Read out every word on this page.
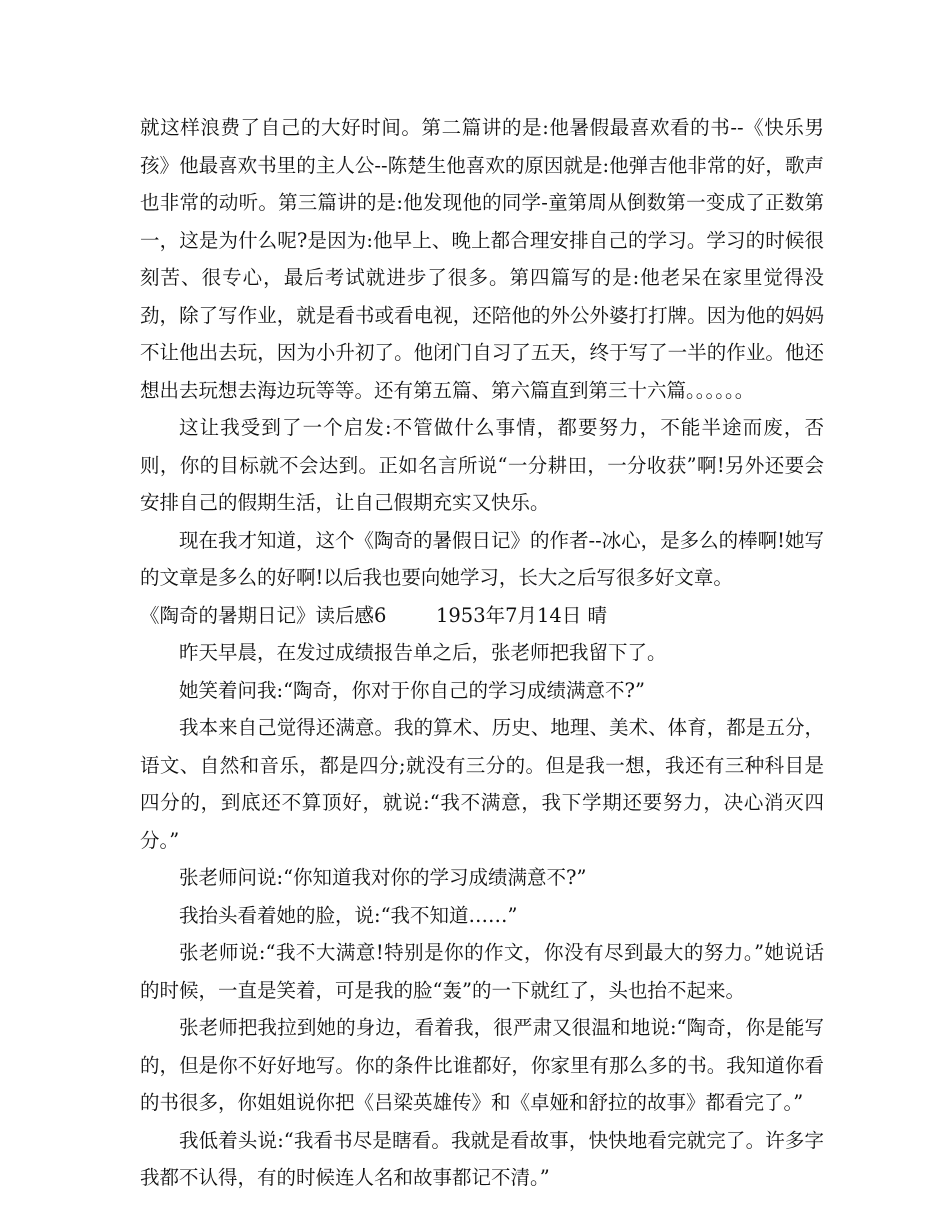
就这样浪费了自己的大好时间。第二篇讲的是:他暑假最喜欢看的书--《快乐男孩》他最喜欢书里的主人公--陈楚生他喜欢的原因就是:他弹吉他非常的好，歌声也非常的动听。第三篇讲的是:他发现他的同学-童第周从倒数第一变成了正数第一，这是为什么呢?是因为:他早上、晚上都合理安排自己的学习。学习的时候很刻苦、很专心，最后考试就进步了很多。第四篇写的是:他老呆在家里觉得没劲，除了写作业，就是看书或看电视，还陪他的外公外婆打打牌。因为他的妈妈不让他出去玩，因为小升初了。他闭门自习了五天，终于写了一半的作业。他还想出去玩想去海边玩等等。还有第五篇、第六篇直到第三十六篇。。。。。。

这让我受到了一个启发:不管做什么事情，都要努力，不能半途而废，否则，你的目标就不会达到。正如名言所说“一分耕田，一分收获”啊!另外还要会安排自己的假期生活，让自己假期充实又快乐。

现在我才知道，这个《陶奇的暑假日记》的作者--冰心，是多么的棒啊!她写的文章是多么的好啊!以后我也要向她学习，长大之后写很多好文章。

《陶奇的暑期日记》读后感6        1953年7月14日 晴

昨天早晨，在发过成绩报告单之后，张老师把我留下了。

她笑着问我:“陶奇，你对于你自己的学习成绩满意不?”

我本来自己觉得还满意。我的算术、历史、地理、美术、体育，都是五分，语文、自然和音乐，都是四分;就没有三分的。但是我一想，我还有三种科目是四分的，到底还不算顶好，就说:“我不满意，我下学期还要努力，决心消灭四分。”

张老师问说:“你知道我对你的学习成绩满意不?”

我抬头看着她的脸，说:“我不知道……”

张老师说:“我不大满意!特别是你的作文，你没有尽到最大的努力。”她说话的时候，一直是笑着，可是我的脸“轰”的一下就红了，头也抬不起来。

张老师把我拉到她的身边，看着我，很严肃又很温和地说:“陶奇，你是能写的，但是你不好好地写。你的条件比谁都好，你家里有那么多的书。我知道你看的书很多，你姐姐说你把《吕梁英雄传》和《卓娅和舒拉的故事》都看完了。”

我低着头说:“我看书尽是瞎看。我就是看故事，快快地看完就完了。许多字我都不认得，有的时候连人名和故事都记不清。”
